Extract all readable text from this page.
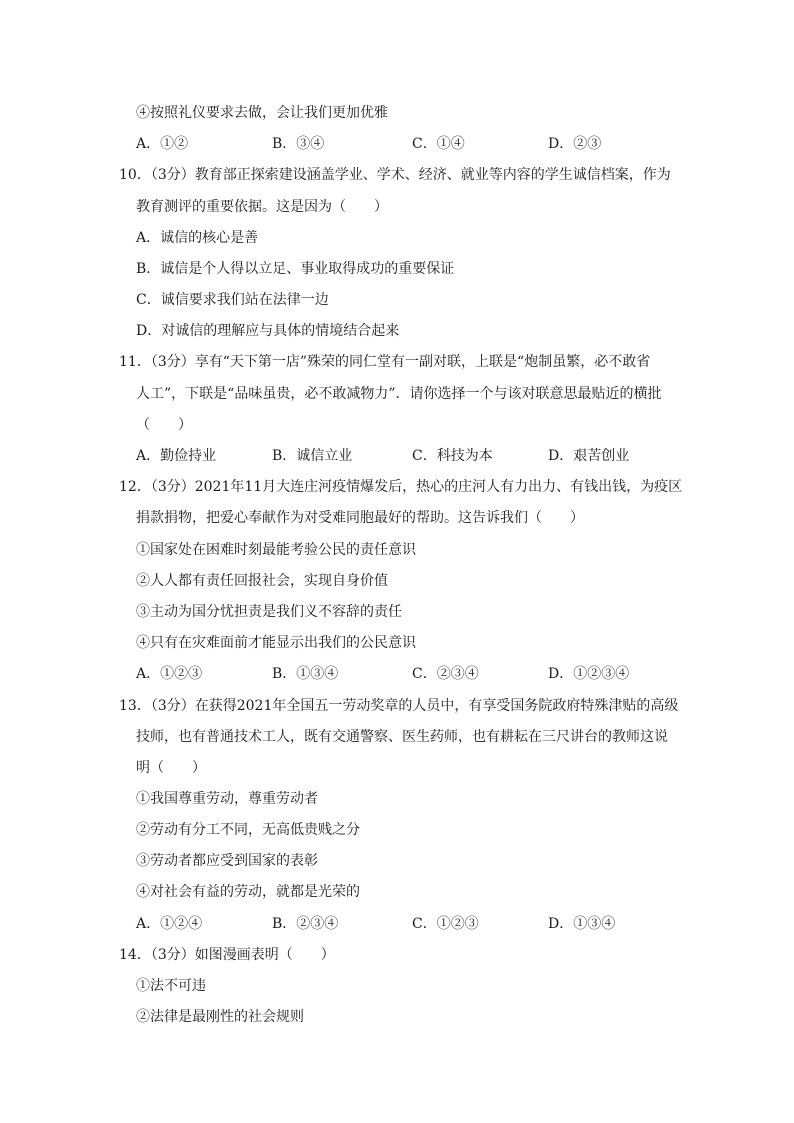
④按照礼仪要求去做，会让我们更加优雅
A．①②	B．③④	C．①④	D．②③
10．（3分）教育部正探索建设涵盖学业、学术、经济、就业等内容的学生诚信档案，作为
教育测评的重要依据。这是因为（　　）
A．诚信的核心是善
B．诚信是个人得以立足、事业取得成功的重要保证
C．诚信要求我们站在法律一边
D．对诚信的理解应与具体的情境结合起来
11．（3分）享有“天下第一店”殊荣的同仁堂有一副对联，上联是“炮制虽繁，必不敢省
人工”，下联是“品味虽贵，必不敢减物力”．请你选择一个与该对联意思最贴近的横批
（　　）
A．勤俭持业	B．诚信立业	C．科技为本	D．艰苦创业
12．（3分）2021年11月大连庄河疫情爆发后，热心的庄河人有力出力、有钱出钱，为疫区
捐款捐物，把爱心奉献作为对受难同胞最好的帮助。这告诉我们（　　）
①国家处在困难时刻最能考验公民的责任意识
②人人都有责任回报社会，实现自身价值
③主动为国分忧担责是我们义不容辞的责任
④只有在灾难面前才能显示出我们的公民意识
A．①②③	B．①③④	C．②③④	D．①②③④
13．（3分）在获得2021年全国五一劳动奖章的人员中，有享受国务院政府特殊津贴的高级
技师，也有普通技术工人，既有交通警察、医生药师，也有耕耘在三尺讲台的教师这说
明（　　）
①我国尊重劳动，尊重劳动者
②劳动有分工不同，无高低贵贱之分
③劳动者都应受到国家的表彰
④对社会有益的劳动，就都是光荣的
A．①②④	B．②③④	C．①②③	D．①③④
14．（3分）如图漫画表明（　　）
①法不可违
②法律是最刚性的社会规则
